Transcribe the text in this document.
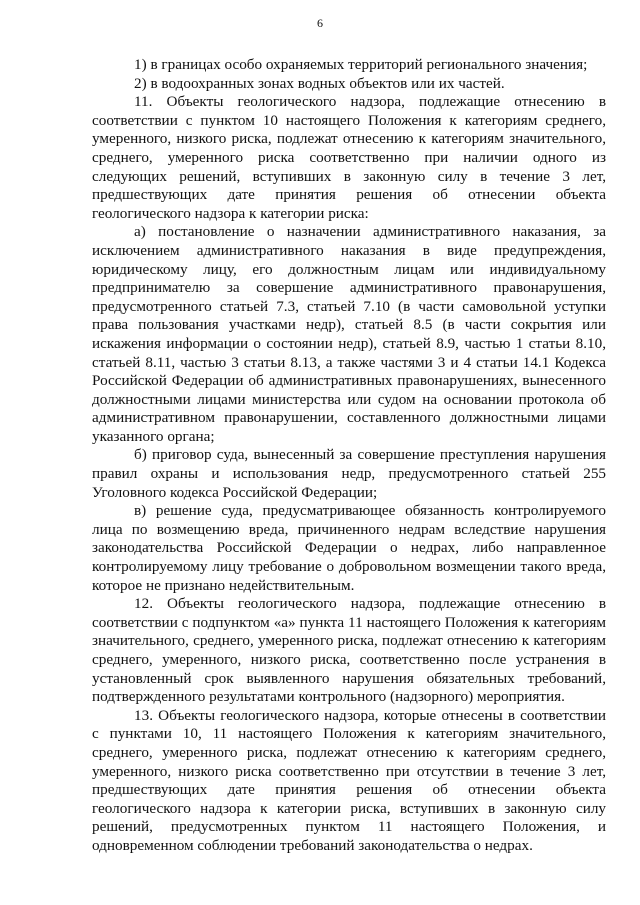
6

1) в границах особо охраняемых территорий регионального значения;

2) в водоохранных зонах водных объектов или их частей.

11. Объекты геологического надзора, подлежащие отнесению в соответствии с пунктом 10 настоящего Положения к категориям среднего, умеренного, низкого риска, подлежат отнесению к категориям значительного, среднего, умеренного риска соответственно при наличии одного из следующих решений, вступивших в законную силу в течение 3 лет, предшествующих дате принятия решения об отнесении объекта геологического надзора к категории риска:

а) постановление о назначении административного наказания, за исключением административного наказания в виде предупреждения, юридическому лицу, его должностным лицам или индивидуальному предпринимателю за совершение административного правонарушения, предусмотренного статьей 7.3, статьей 7.10 (в части самовольной уступки права пользования участками недр), статьей 8.5 (в части сокрытия или искажения информации о состоянии недр), статьей 8.9, частью 1 статьи 8.10, статьей 8.11, частью 3 статьи 8.13, а также частями 3 и 4 статьи 14.1 Кодекса Российской Федерации об административных правонарушениях, вынесенного должностными лицами министерства или судом на основании протокола об административном правонарушении, составленного должностными лицами указанного органа;

б) приговор суда, вынесенный за совершение преступления нарушения правил охраны и использования недр, предусмотренного статьей 255 Уголовного кодекса Российской Федерации;

в) решение суда, предусматривающее обязанность контролируемого лица по возмещению вреда, причиненного недрам вследствие нарушения законодательства Российской Федерации о недрах, либо направленное контролируемому лицу требование о добровольном возмещении такого вреда, которое не признано недействительным.

12. Объекты геологического надзора, подлежащие отнесению в соответствии с подпунктом «а» пункта 11 настоящего Положения к категориям значительного, среднего, умеренного риска, подлежат отнесению к категориям среднего, умеренного, низкого риска, соответственно после устранения в установленный срок выявленного нарушения обязательных требований, подтвержденного результатами контрольного (надзорного) мероприятия.

13. Объекты геологического надзора, которые отнесены в соответствии с пунктами 10, 11 настоящего Положения к категориям значительного, среднего, умеренного риска, подлежат отнесению к категориям среднего, умеренного, низкого риска соответственно при отсутствии в течение 3 лет, предшествующих дате принятия решения об отнесении объекта геологического надзора к категории риска, вступивших в законную силу решений, предусмотренных пунктом 11 настоящего Положения, и одновременном соблюдении требований законодательства о недрах.
